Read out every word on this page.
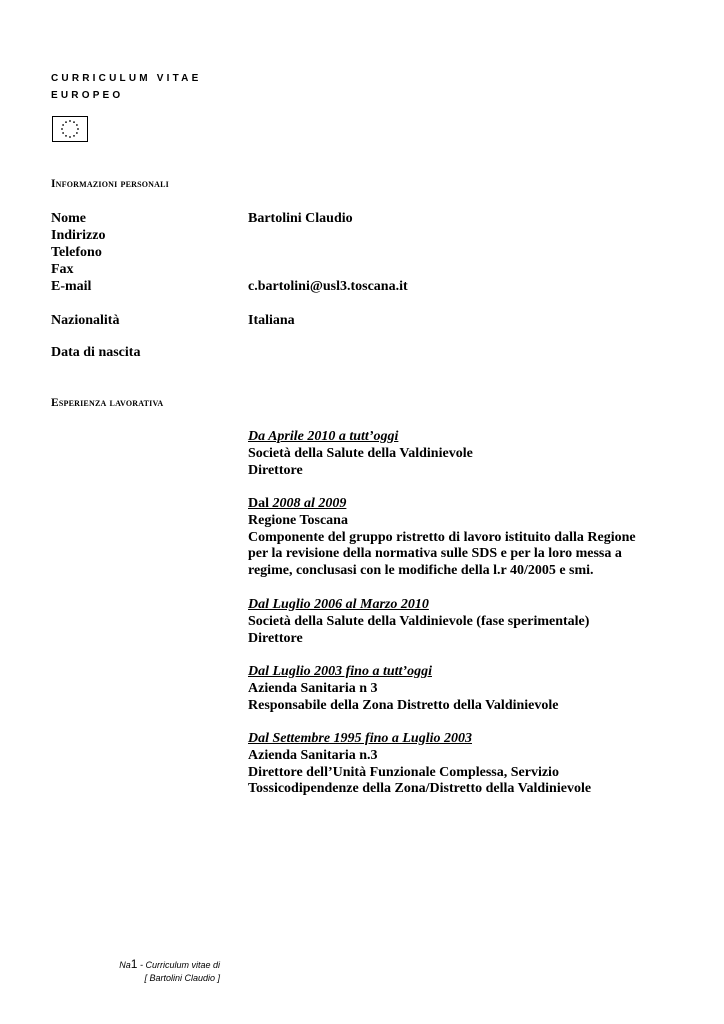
CURRICULUM VITAE
EUROPEO
Informazioni personali
Nome	Bartolini Claudio
Indirizzo
Telefono
Fax
E-mail	c.bartolini@usl3.toscana.it
Nazionalità	Italiana
Data di nascita
Esperienza lavorativa
Da Aprile 2010 a tutt’oggi
Società della Salute della Valdinievole
Direttore
Dal 2008 al 2009
Regione Toscana
Componente del gruppo ristretto di lavoro istituito dalla Regione
per la revisione della normativa sulle SDS e per la loro messa a
regime, conclusasi con le modifiche della l.r 40/2005 e smi.
Dal Luglio 2006 al Marzo 2010
Società della Salute della Valdinievole (fase sperimentale)
Direttore
Dal Luglio 2003 fino a tutt’oggi
Azienda Sanitaria n 3
Responsabile della Zona Distretto della Valdinievole
Dal Settembre 1995 fino a Luglio 2003
Azienda Sanitaria n.3
Direttore dell’Unità Funzionale Complessa, Servizio
Tossicodipendenze della Zona/Distretto della Valdinievole
Na1 - Curriculum vitae di
[ Bartolini Claudio ]
